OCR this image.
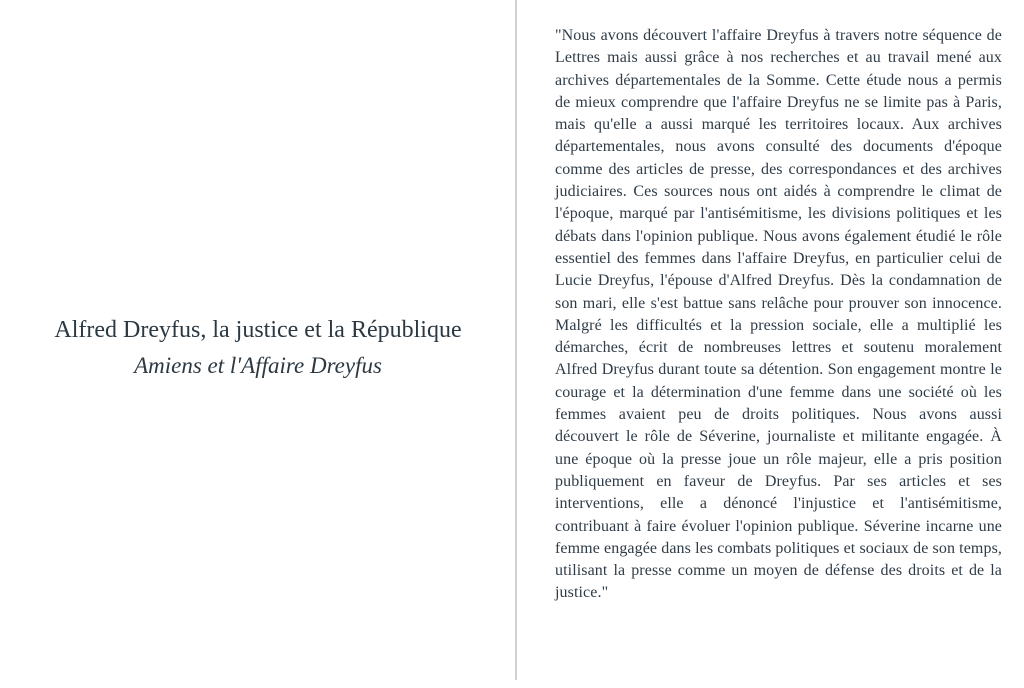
Alfred Dreyfus, la justice et la République
Amiens et l'Affaire Dreyfus
"Nous avons découvert l'affaire Dreyfus à travers notre séquence de Lettres mais aussi grâce à nos recherches et au travail mené aux archives départementales de la Somme. Cette étude nous a permis de mieux comprendre que l'affaire Dreyfus ne se limite pas à Paris, mais qu'elle a aussi marqué les territoires locaux. Aux archives départementales, nous avons consulté des documents d'époque comme des articles de presse, des correspondances et des archives judiciaires. Ces sources nous ont aidés à comprendre le climat de l'époque, marqué par l'antisémitisme, les divisions politiques et les débats dans l'opinion publique. Nous avons également étudié le rôle essentiel des femmes dans l'affaire Dreyfus, en particulier celui de Lucie Dreyfus, l'épouse d'Alfred Dreyfus. Dès la condamnation de son mari, elle s'est battue sans relâche pour prouver son innocence. Malgré les difficultés et la pression sociale, elle a multiplié les démarches, écrit de nombreuses lettres et soutenu moralement Alfred Dreyfus durant toute sa détention. Son engagement montre le courage et la détermination d'une femme dans une société où les femmes avaient peu de droits politiques. Nous avons aussi découvert le rôle de Séverine, journaliste et militante engagée. À une époque où la presse joue un rôle majeur, elle a pris position publiquement en faveur de Dreyfus. Par ses articles et ses interventions, elle a dénoncé l'injustice et l'antisémitisme, contribuant à faire évoluer l'opinion publique. Séverine incarne une femme engagée dans les combats politiques et sociaux de son temps, utilisant la presse comme un moyen de défense des droits et de la justice."
